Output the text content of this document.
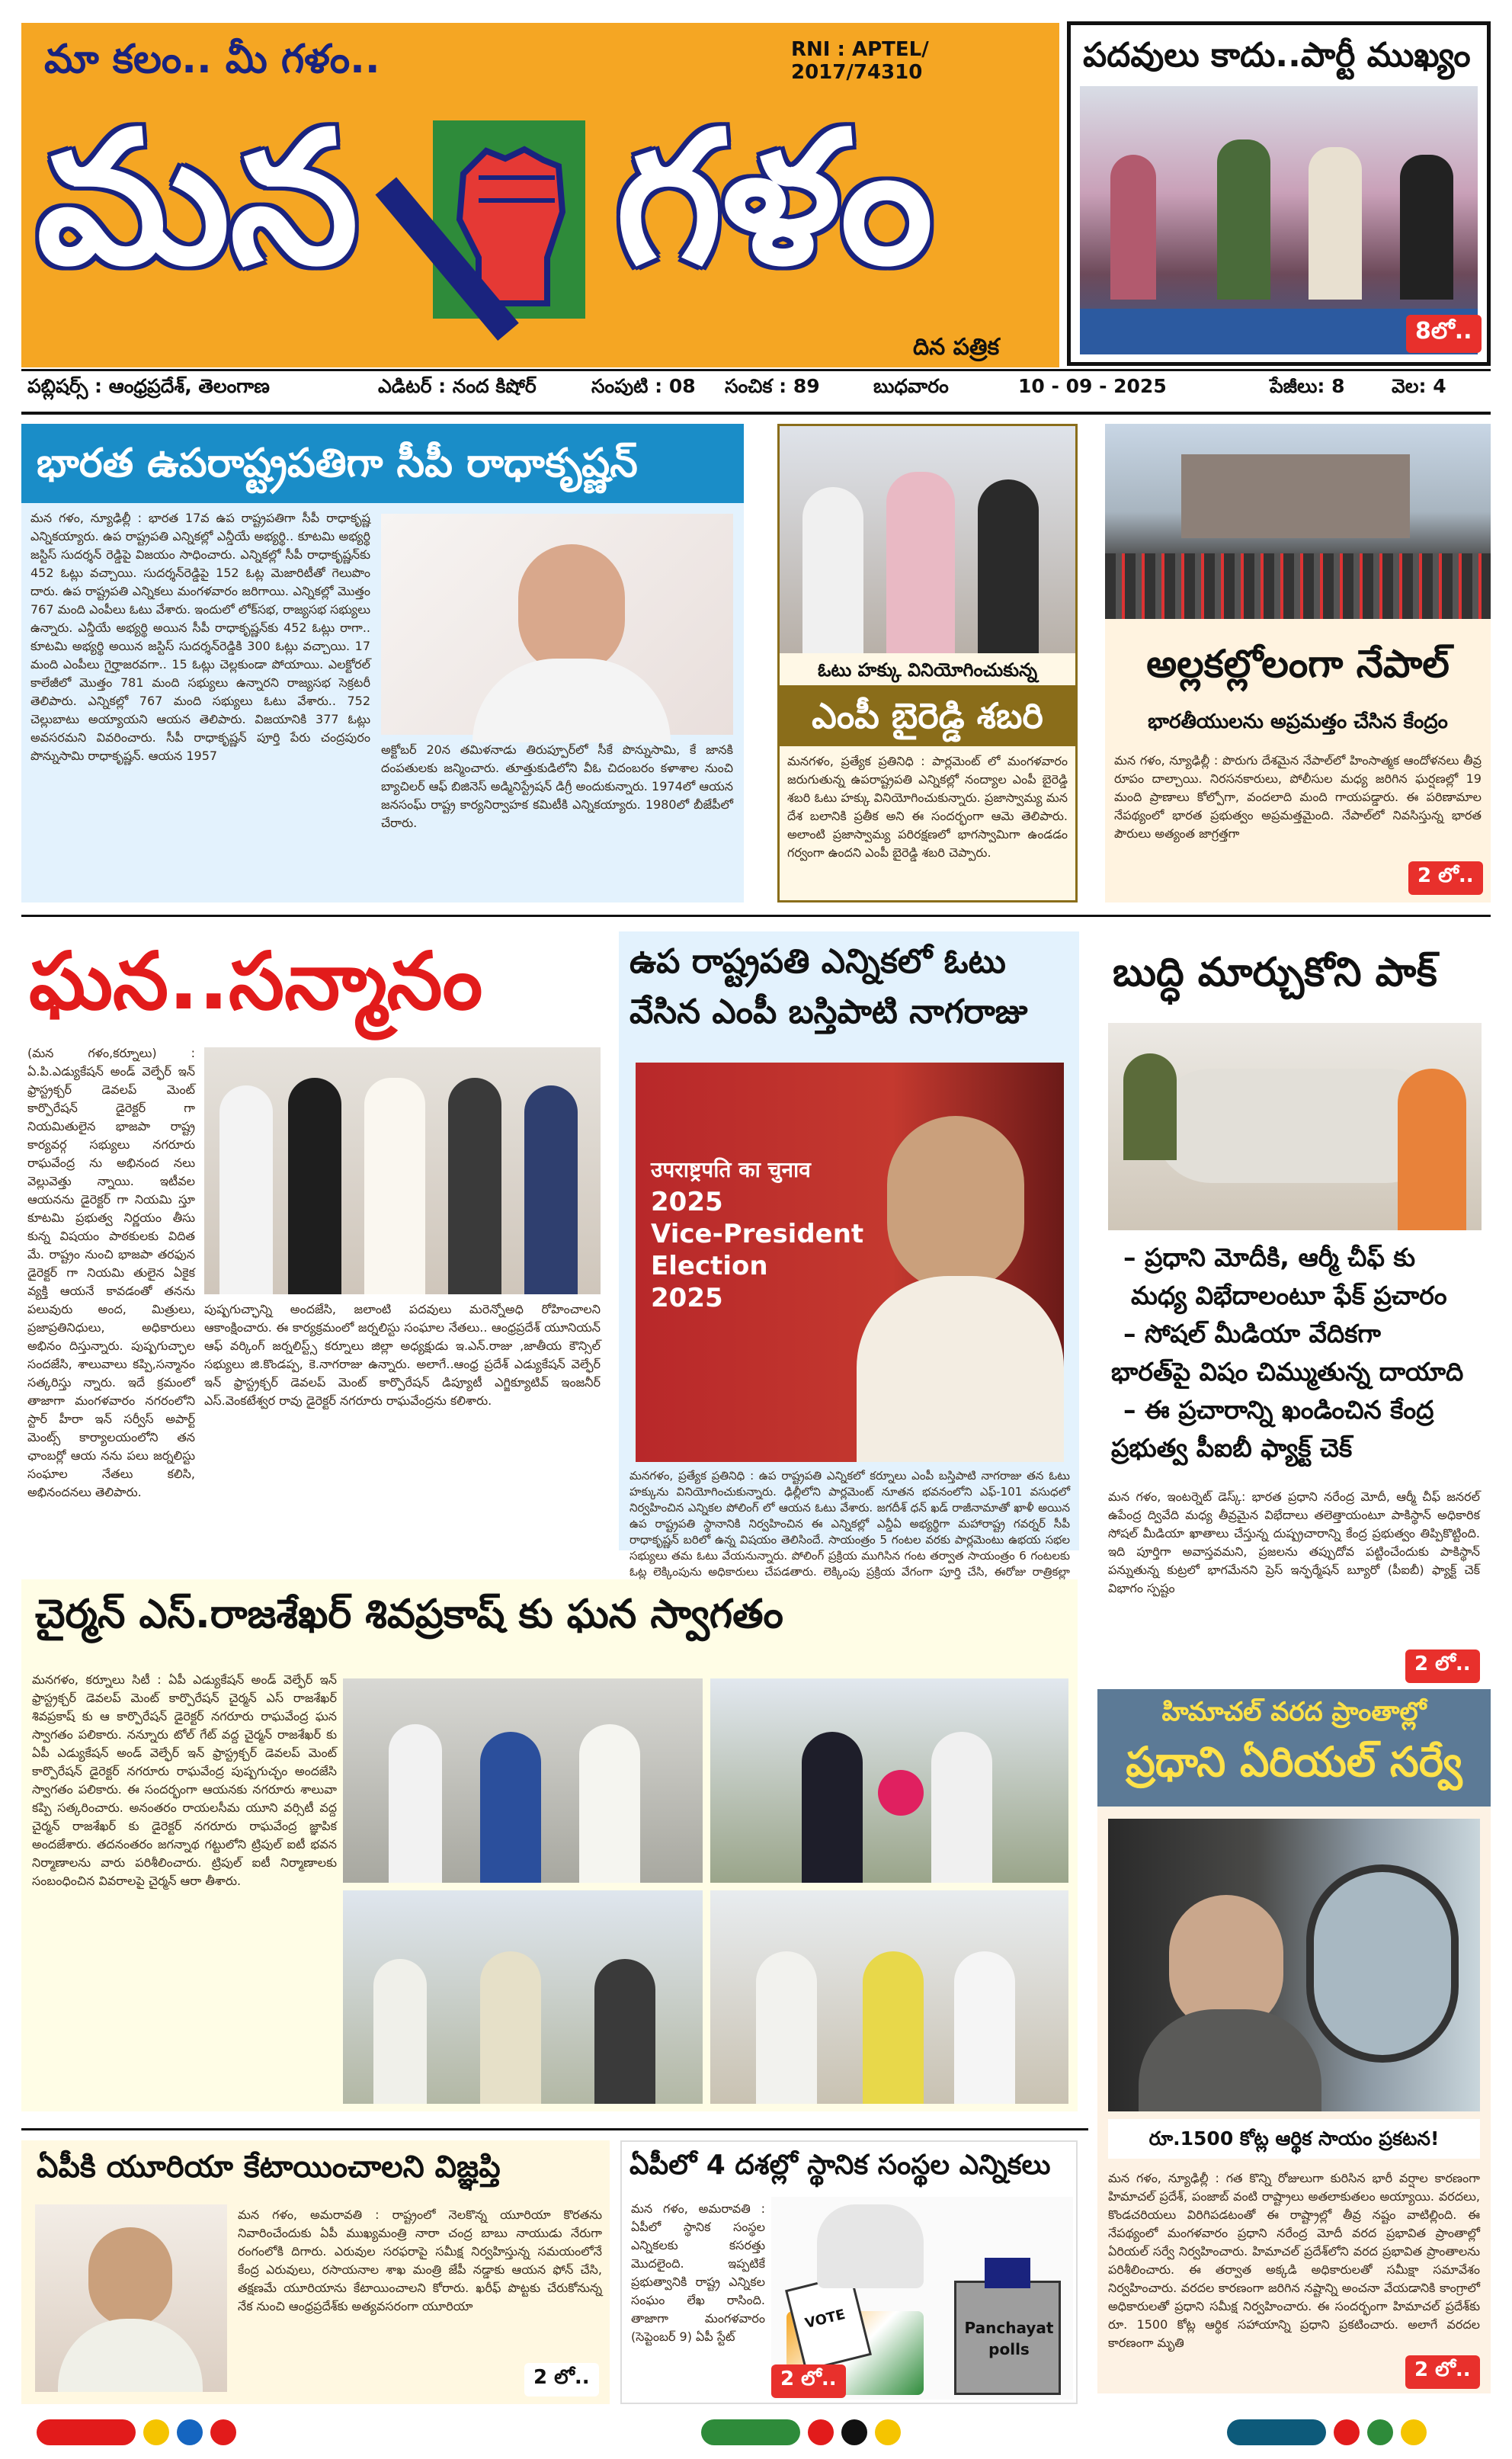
మా కలం.. మీ గళం..	RNI : APTEL/ 2017/74310
మన గళం
దిన పత్రిక
పదవులు కాదు..పార్టీ ముఖ్యం
8లో..
పబ్లిషర్స్ : ఆంధ్రప్రదేశ్, తెలంగాణ	ఎడిటర్ : నంద కిషోర్	సంపుటి : 08 సంచిక : 89	బుధవారం	10 - 09 - 2025	పేజీలు: 8 వెల: 4
భారత ఉపరాష్ట్రపతిగా సీపీ రాధాకృష్ణన్
మన గళం, న్యూఢిల్లీ : భారత 17వ ఉప రాష్ట్రపతిగా సీపీ రాధాకృష్ణ ఎన్నికయ్యారు. ఉప రాష్ట్రపతి ఎన్నికల్లో ఎన్డీయే అభ్యర్థి.. కూటమి అభ్యర్థి జస్టిస్ సుదర్శన్ రెడ్డిపై విజయం సాధించారు. ఎన్నికల్లో సీపీ రాధాకృష్ణన్‌కు 452 ఓట్లు వచ్చాయి. సుదర్శన్‌రెడ్డిపై 152 ఓట్ల మెజారిటీతో గెలుపొం దారు. ఉప రాష్ట్రపతి ఎన్నికలు మంగళవారం జరిగాయి. ఎన్నికల్లో మొత్తం 767 మంది ఎంపీలు ఓటు వేశారు. ఇందులో లోక్‌సభ, రాజ్యసభ సభ్యులు ఉన్నారు. ఎన్డీయే అభ్యర్థి అయిన సీపీ రాధాకృష్ణన్‌కు 452 ఓట్లు రాగా.. కూటమి అభ్యర్థి అయిన జస్టిస్ సుదర్శన్‌రెడ్డికి 300 ఓట్లు వచ్చాయి. 17 మంది ఎంపీలు గైర్హాజరవగా.. 15 ఓట్లు చెల్లకుండా పోయాయి. ఎలక్టోరల్ కాలేజీలో మొత్తం 781 మంది సభ్యులు ఉన్నారని రాజ్యసభ సెక్రటరీ తెలిపారు. ఎన్నికల్లో 767 మంది సభ్యులు ఓటు వేశారు.. 752 చెల్లుబాటు అయ్యాయని ఆయన తెలిపారు. విజయానికి 377 ఓట్లు అవసరమని వివరించారు. సీపీ రాధాకృష్ణన్ పూర్తి పేరు చంద్రపురం పొన్నుసామి రాధాకృష్ణన్. ఆయన 1957	అక్టోబర్ 20న తమిళనాడు తిరుప్పూర్‌లో సీకే పొన్నుసామి, కే జానకి దంపతులకు జన్మించారు. తూత్తుకుడిలోని వీఓ చిదంబరం కళాశాల నుంచి బ్యాచిలర్ ఆఫ్ బిజినెస్ అడ్మినిస్ట్రేషన్ డిగ్రీ అందుకున్నారు. 1974లో ఆయన జనసంఘ్ రాష్ట్ర కార్యనిర్వాహక కమిటీకి ఎన్నికయ్యారు. 1980లో బీజేపీలో చేరారు.
ఓటు హక్కు వినియోగించుకున్న
ఎంపీ బైరెడ్డి శబరి
మనగళం, ప్రత్యేక ప్రతినిధి : పార్లమెంట్ లో మంగళవారం జరుగుతున్న ఉపరాష్ట్రపతి ఎన్నికల్లో నంద్యాల ఎంపీ బైరెడ్డి శబరి ఓటు హక్కు వినియోగించుకున్నారు. ప్రజాస్వామ్య మన దేశ బలానికి ప్రతీక అని ఈ సందర్భంగా ఆమె తెలిపారు. అలాంటి ప్రజాస్వామ్య పరిరక్షణలో భాగస్వామిగా ఉండడం గర్వంగా ఉందని ఎంపీ బైరెడ్డి శబరి చెప్పారు.
అల్లకల్లోలంగా నేపాల్
భారతీయులను అప్రమత్తం చేసిన కేంద్రం
మన గళం, న్యూఢిల్లీ : పొరుగు దేశమైన నేపాల్‌లో హింసాత్మక ఆందోళనలు తీవ్ర రూపం దాల్చాయి. నిరసనకారులు, పోలీసుల మధ్య జరిగిన ఘర్షణల్లో 19 మంది ప్రాణాలు కోల్పోగా, వందలాది మంది గాయపడ్డారు. ఈ పరిణామాల నేపథ్యంలో భారత ప్రభుత్వం అప్రమత్తమైంది. నేపాల్‌లో నివసిస్తున్న భారత పౌరులు అత్యంత జాగ్రత్తగా
2 లో..
ఘన..సన్మానం
(మన గళం,కర్నూలు) : ఏ.పి.ఎడ్యుకేషన్ అండ్ వెల్ఫేర్ ఇన్ ఫ్రాస్ట్రక్చర్ డెవలప్ మెంట్ కార్పొరేషన్ డైరెక్టర్ గా నియమితులైన భాజపా రాష్ట్ర కార్యవర్గ సభ్యులు నగరూరు రాఘవేంద్ర ను అభినంద నలు వెల్లువెత్తు న్నాయి. ఇటీవల ఆయనను డైరెక్టర్ గా నియమి స్తూ కూటమి ప్రభుత్వ నిర్ణయం తీసు కున్న విషయం పాఠకులకు విదిత మే. రాష్ట్రం నుంచి భాజపా తరఫున డైరెక్టర్ గా నియమి తులైన ఏకైక వ్యక్తి ఆయనే కావడంతో తనను పలువురు అంద, మిత్రులు, ప్రజాప్రతినిధులు, అధికారులు అభినం దిస్తున్నారు. పుష్పగుచ్ఛాల సందజేసి, శాలువాలు కప్పి,సన్మానం సత్కరిస్తు న్నారు. ఇదే క్రమంలో తాజాగా మంగళవారం నగరంలోని స్టార్ హీరా ఇన్ సర్వీస్ అపార్ట్ మెంట్స్ కార్యాలయంలోని తన ఛాంబర్లో ఆయ నను పలు జర్నలిస్టు సంఘాల నేతలు కలిసి, అభినందనలు తెలిపారు.
పుష్పగుచ్ఛాన్ని అందజేసి, జలాంటి పదవులు మరెన్నోఅధి రోహించాలని ఆకాంక్షించారు. ఈ కార్యక్రమంలో జర్నలిస్టు సంఘాల నేతలు.. ఆంధ్రప్రదేశ్ యూనియన్ ఆఫ్ వర్కింగ్ జర్నలిస్ట్స్ కర్నూలు జిల్లా అధ్యక్షుడు ఇ.ఎన్.రాజు ,జాతీయ కౌన్సిల్ సభ్యులు జి.కొండప్ప, కె.నాగరాజు ఉన్నారు. అలాగే..ఆంధ్ర ప్రదేశ్ ఎడ్యుకేషన్ వెల్ఫేర్ ఇన్ ఫ్రాస్ట్రక్చర్ డెవలప్ మెంట్ కార్పొరేషన్ డిప్యూటీ ఎగ్జిక్యూటివ్ ఇంజనీర్ ఎస్.వెంకటేశ్వర రావు డైరెక్టర్ నగరూరు రాఘవేంద్రను కలిశారు.
ఉప రాష్ట్రపతి ఎన్నికలో ఓటు
వేసిన ఎంపీ బస్తిపాటి నాగరాజు
उपराष्ट्रपति का चुनाव
2025
Vice-President
Election
2025
మనగళం, ప్రత్యేక ప్రతినిధి : ఉప రాష్ట్రపతి ఎన్నికలో కర్నూలు ఎంపీ బస్తిపాటి నాగరాజు తన ఓటు హక్కును వినియోగించుకున్నారు. ఢిల్లీలోని పార్లమెంట్ నూతన భవనంలోని ఎఫ్-101 వసుధలో నిర్వహించిన ఎన్నికల పోలింగ్ లో ఆయన ఓటు వేశారు. జగదీశ్ ధన్ ఖడ్ రాజీనామాతో ఖాళీ అయిన ఉప రాష్ట్రపతి స్థానానికి నిర్వహించిన ఈ ఎన్నికల్లో ఎన్డీఏ అభ్యర్థిగా మహారాష్ట్ర గవర్నర్ సీపీ రాధాకృష్ణన్ బరిలో ఉన్న విషయం తెలిసిందే. సాయంత్రం 5 గంటల వరకు పార్లమెంటు ఉభయ సభల సభ్యులు తమ ఓటు వేయనున్నారు. పోలింగ్ ప్రక్రియ ముగిసిన గంట తర్వాత సాయంత్రం 6 గంటలకు ఓట్ల లెక్కింపును అధికారులు చేపడతారు. లెక్కింపు ప్రక్రియ వేగంగా పూర్తి చేసి, ఈరోజు రాత్రికల్లా
బుద్ధి మార్చుకోని పాక్
– ప్రధాని మోదీకి, ఆర్మీ చీఫ్ కు
మధ్య విభేదాలంటూ ఫేక్ ప్రచారం
– సోషల్ మీడియా వేదికగా
భారత్‌పై విషం చిమ్ముతున్న దాయాది
– ఈ ప్రచారాన్ని ఖండించిన కేంద్ర
ప్రభుత్వ పీఐబీ ఫ్యాక్ట్ చెక్
మన గళం, ఇంటర్నెట్ డెస్క్: భారత ప్రధాని నరేంద్ర మోదీ, ఆర్మీ చీఫ్ జనరల్ ఉపేంద్ర ద్వివేది మధ్య తీవ్రమైన విభేదాలు తలెత్తాయంటూ పాకిస్థాన్ అధికారిక సోషల్ మీడియా ఖాతాలు చేస్తున్న దుష్ప్రచారాన్ని కేంద్ర ప్రభుత్వం తిప్పికొట్టింది. ఇది పూర్తిగా అవాస్తవమని, ప్రజలను తప్పుదోవ పట్టించేందుకు పాకిస్థాన్ పన్నుతున్న కుట్రలో భాగమేనని ప్రెస్ ఇన్ఫర్మేషన్ బ్యూరో (పీఐబీ) ఫ్యాక్ట్ చెక్ విభాగం స్పష్టం
2 లో..
చైర్మన్ ఎస్.రాజశేఖర్ శివప్రకాష్ కు ఘన స్వాగతం
మనగళం, కర్నూలు సిటీ : ఏపీ ఎడ్యుకేషన్ అండ్ వెల్ఫేర్ ఇన్ ఫ్రాస్ట్రక్చర్ డెవలప్ మెంట్ కార్పొరేషన్ చైర్మన్ ఎస్ రాజశేఖర్ శివప్రకాష్ కు ఆ కార్పొరేషన్ డైరెక్టర్ నగరూరు రాఘవేంద్ర ఘన స్వాగతం పలికారు. నన్నూరు టోల్ గేట్ వద్ద చైర్మన్ రాజశేఖర్ కు ఏపీ ఎడ్యుకేషన్ అండ్ వెల్ఫేర్ ఇన్ ఫ్రాస్ట్రక్చర్ డెవలప్ మెంట్ కార్పొరేషన్ డైరెక్టర్ నగరూరు రాఘవేంద్ర పుష్పగుచ్ఛం అందజేసి స్వాగతం పలికారు. ఈ సందర్భంగా ఆయనకు నగరూరు శాలువా కప్పి సత్కరించారు. అనంతరం రాయలసీమ యూని వర్సిటీ వద్ద చైర్మన్ రాజశేఖర్ కు డైరెక్టర్ నగరూరు రాఘవేంద్ర జ్ఞాపిక అందజేశారు. తదనంతరం జగన్నాథ గట్టులోని ట్రిపుల్ ఐటీ భవన నిర్మాణాలను వారు పరిశీలించారు. ట్రిపుల్ ఐటీ నిర్మాణాలకు సంబంధించిన వివరాలపై చైర్మన్ ఆరా తీశారు.
హిమాచల్ వరద ప్రాంతాల్లో
ప్రధాని ఏరియల్ సర్వే
రూ.1500 కోట్ల ఆర్థిక సాయం ప్రకటన!
మన గళం, న్యూఢిల్లీ : గత కొన్ని రోజులుగా కురిసిన భారీ వర్షాల కారణంగా హిమాచల్ ప్రదేశ్, పంజాబ్ వంటి రాష్ట్రాలు అతలాకుతలం అయ్యాయి. వరదలు, కొండచరియలు విరిగిపడటంతో ఈ రాష్ట్రాల్లో తీవ్ర నష్టం వాటిల్లింది. ఈ నేపథ్యంలో మంగళవారం ప్రధాని నరేంద్ర మోదీ వరద ప్రభావిత ప్రాంతాల్లో ఏరియల్ సర్వే నిర్వహించారు. హిమాచల్ ప్రదేశ్‌లోని వరద ప్రభావిత ప్రాంతాలను పరిశీలించారు. ఈ తర్వాత అక్కడి అధికారులతో సమీక్షా సమావేశం నిర్వహించారు. వరదల కారణంగా జరిగిన నష్టాన్ని అంచనా వేయడానికి కాంగ్రాలో అధికారులతో ప్రధాని సమీక్ష నిర్వహించారు. ఈ సందర్భంగా హిమాచల్ ప్రదేశ్‌కు రూ. 1500 కోట్ల ఆర్థిక సహాయాన్ని ప్రధాని ప్రకటించారు. అలాగే వరదల కారణంగా మృతి
2 లో..
ఏపీకి యూరియా కేటాయించాలని విజ్ఞప్తి
మన గళం, అమరావతి : రాష్ట్రంలో నెలకొన్న యూరియా కొరతను నివారించేందుకు ఏపీ ముఖ్యమంత్రి నారా చంద్ర బాబు నాయుడు నేరుగా రంగంలోకి దిగారు. ఎరువుల సరఫరాపై సమీక్ష నిర్వహిస్తున్న సమయంలోనే కేంద్ర ఎరువులు, రసాయనాల శాఖ మంత్రి జేపీ నడ్డాకు ఆయన ఫోన్ చేసి, తక్షణమే యూరియాను కేటాయించాలని కోరారు. ఖరీఫ్ పొట్టకు చేరుకోనున్న నేక నుంచి ఆంధ్రప్రదేశ్‌కు అత్యవసరంగా యూరియా
2 లో..
ఏపీలో 4 దశల్లో స్థానిక సంస్థల ఎన్నికలు
మన గళం, అమరావతి : ఏపీలో స్థానిక సంస్థల ఎన్నికలకు కసరత్తు మొదలైంది. ఇప్పటికే ప్రభుత్వానికి రాష్ట్ర ఎన్నికల సంఘం లేఖ రాసింది. తాజాగా మంగళవారం (సెప్టెంబర్ 9) ఏపీ స్టేట్
VOTE	Panchayat
polls
2 లో..
